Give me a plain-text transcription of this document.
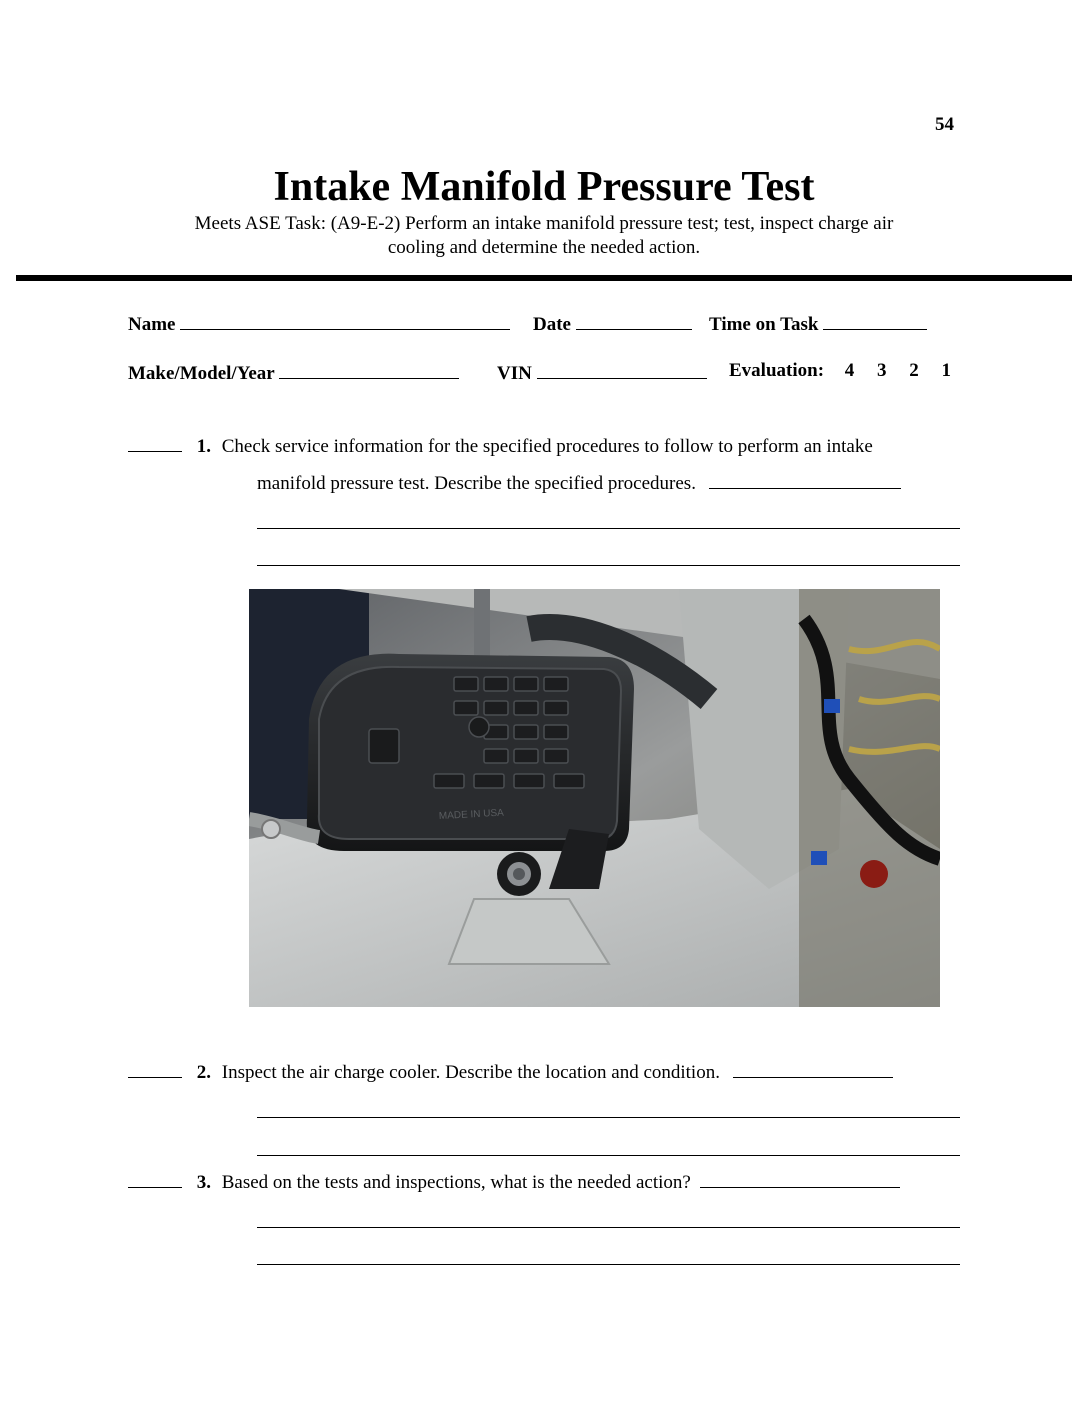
54
Intake Manifold Pressure Test
Meets ASE Task: (A9-E-2) Perform an intake manifold pressure test; test, inspect charge air
cooling and determine the needed action.
Name	Date	Time on Task
Make/Model/Year	VIN	Evaluation: 4 3 2 1
1. Check service information for the specified procedures to follow to perform an intake
manifold pressure test. Describe the specified procedures.
MADE IN USA
2. Inspect the air charge cooler. Describe the location and condition.
3. Based on the tests and inspections, what is the needed action?
